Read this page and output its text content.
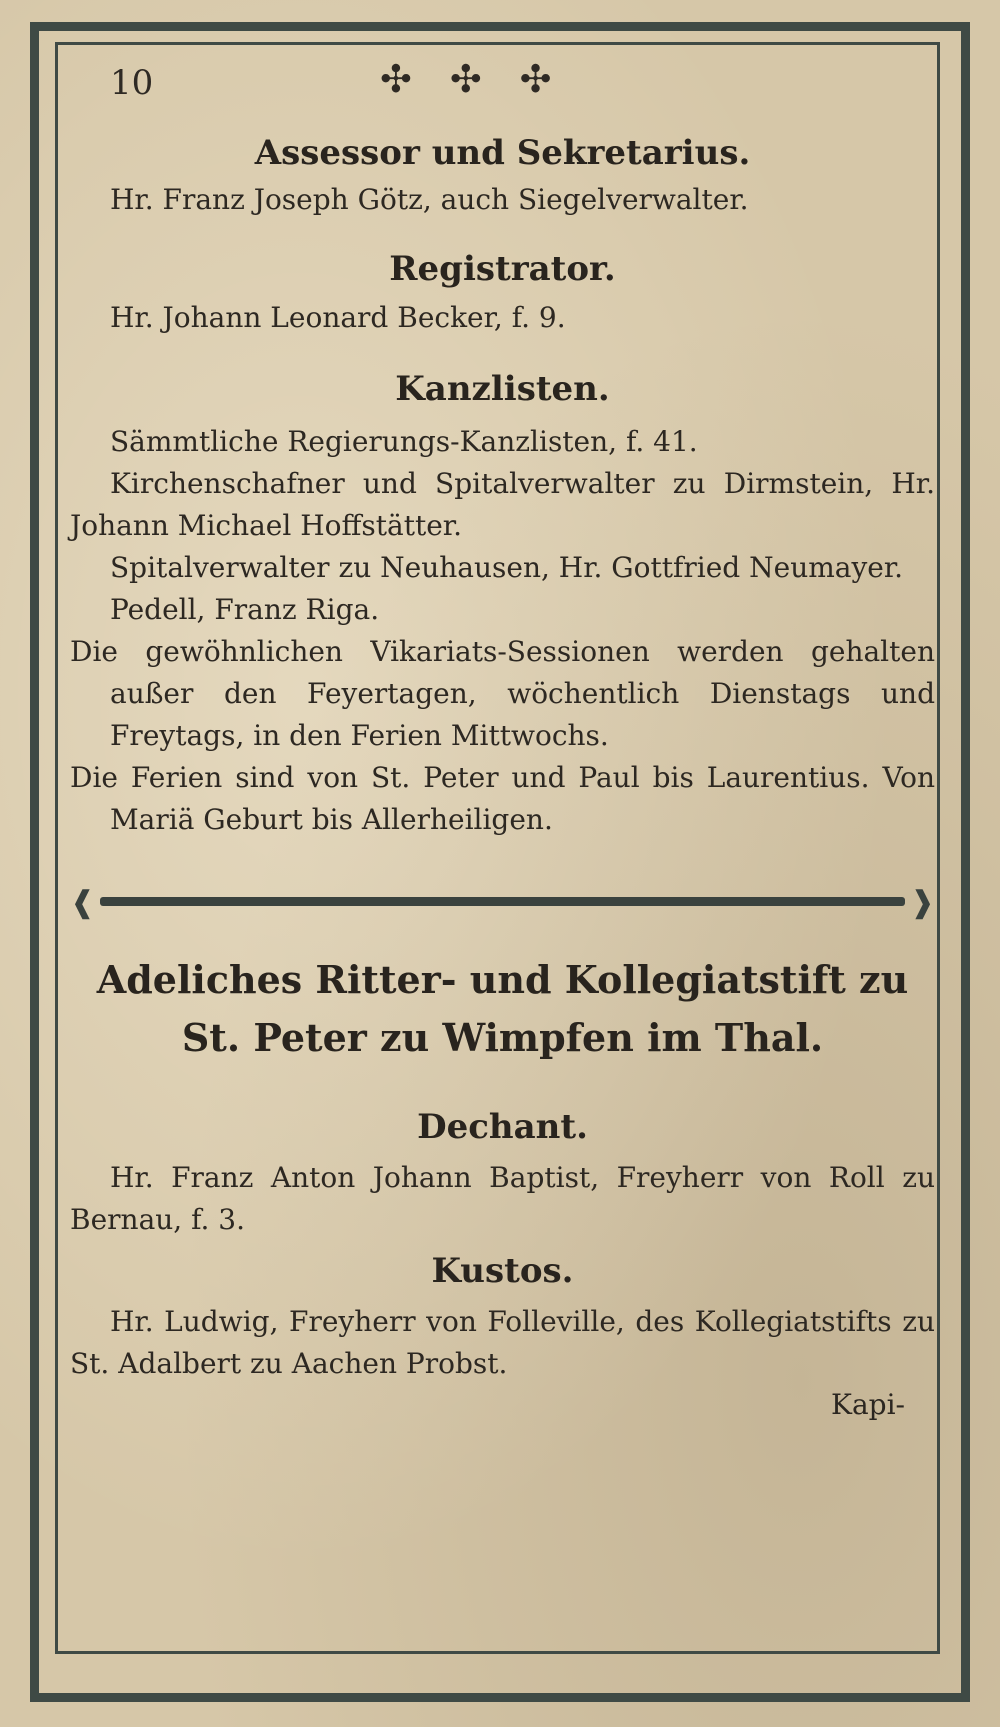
10	✣✣✣

Assessor und Sekretarius.

Hr. Franz Joseph Götz, auch Siegelverwalter.

Registrator.

Hr. Johann Leonard Becker, f. 9.

Kanzlisten.

Sämmtliche Regierungs-Kanzlisten, f. 41.

Kirchenschafner und Spitalverwalter zu Dirmstein, Hr. Johann Michael Hoffstätter.

Spitalverwalter zu Neuhausen, Hr. Gottfried Neumayer.

Pedell, Franz Riga.

Die gewöhnlichen Vikariats-Sessionen werden gehalten außer den Feyertagen, wöchentlich Dienstags und Freytags, in den Ferien Mittwochs.

Die Ferien sind von St. Peter und Paul bis Laurentius. Von Mariä Geburt bis Allerheiligen.

❰	❱

Adeliches Ritter- und Kollegiatstift zu

St. Peter zu Wimpfen im Thal.

Dechant.

Hr. Franz Anton Johann Baptist, Freyherr von Roll zu Bernau, f. 3.

Kustos.

Hr. Ludwig, Freyherr von Folleville, des Kollegiatstifts zu St. Adalbert zu Aachen Probst.

Kapi-
